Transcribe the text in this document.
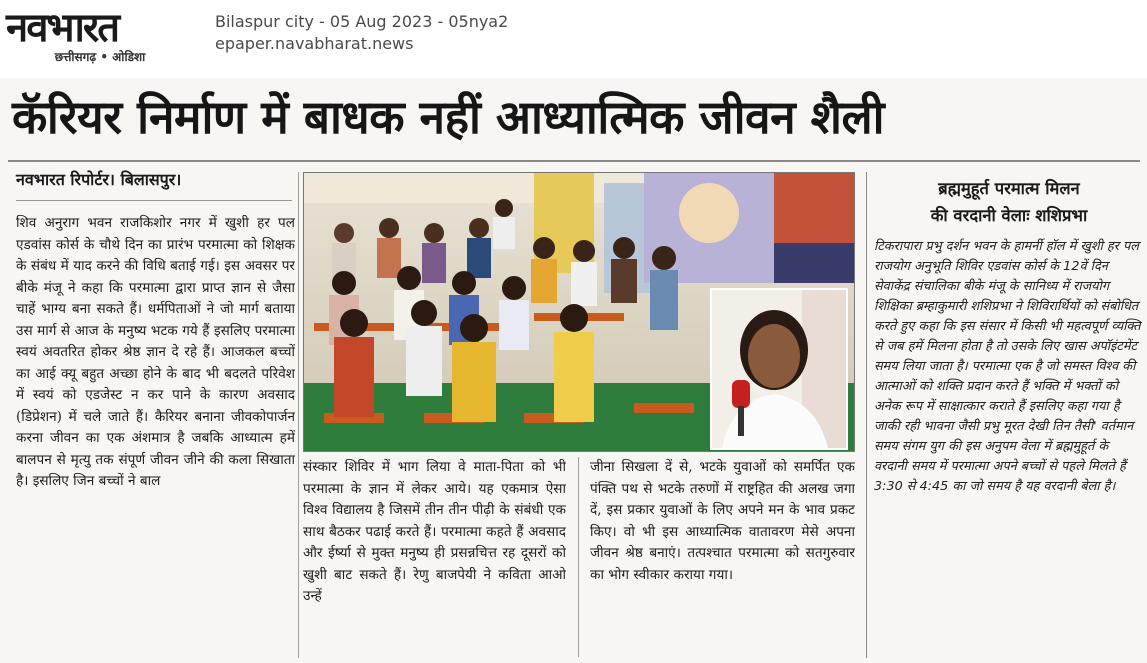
नवभारत
छत्तीसगढ़ • ओडिशा
Bilaspur city - 05 Aug 2023 - 05nya2
epaper.navabharat.news
कॅरियर निर्माण में बाधक नहीं आध्यात्मिक जीवन शैली
नवभारत रिपोर्टर। बिलासपुर।
शिव अनुराग भवन राजकिशोर नगर में खुशी हर पल एडवांस कोर्स के चौथे दिन का प्रारंभ परमात्मा को शिक्षक के संबंध में याद करने की विधि बताई गई। इस अवसर पर बीके मंजू ने कहा कि परमात्मा द्वारा प्राप्त ज्ञान से जैसा चाहें भाग्य बना सकते हैं। धर्मपिताओं ने जो मार्ग बताया उस मार्ग से आज के मनुष्य भटक गये हैं इसलिए परमात्मा स्वयं अवतरित होकर श्रेष्ठ ज्ञान दे रहे हैं। आजकल बच्चों का आई क्यू बहुत अच्छा होने के बाद भी बदलते परिवेश में स्वयं को एडजेस्ट न कर पाने के कारण अवसाद (डिप्रेशन) में चले जाते हैं। कैरियर बनाना जीवकोपार्जन करना जीवन का एक अंशमात्र है जबकि आध्यात्म हमें बालपन से मृत्यु तक संपूर्ण जीवन जीने की कला सिखाता है। इसलिए जिन बच्चों ने बाल
संस्कार शिविर में भाग लिया वे माता-पिता को भी परमात्मा के ज्ञान में लेकर आये। यह एकमात्र ऐसा विश्व विद्यालय है जिसमें तीन तीन पीढ़ी के संबंधी एक साथ बैठकर पढाई करते हैं। परमात्मा कहते हैं अवसाद और ईर्ष्या से मुक्त मनुष्य ही प्रसन्नचित्त रह दूसरों को खुशी बाट सकते हैं। रेणु बाजपेयी ने कविता आओ उन्हें
जीना सिखला दें से, भटके युवाओं को समर्पित एक पंक्ति पथ से भटके तरुणों में राष्ट्रहित की अलख जगा दें, इस प्रकार युवाओं के लिए अपने मन के भाव प्रकट किए। वो भी इस आध्यात्मिक वातावरण मेसे अपना जीवन श्रेष्ठ बनाएं। तत्पश्चात परमात्मा को सतगुरुवार का भोग स्वीकार कराया गया।
ब्रह्ममुहूर्त परमात्म मिलन
की वरदानी वेलाः शशिप्रभा
टिकरापारा प्रभु दर्शन भवन के हामर्नी हॉल में खुशी हर पल राजयोग अनुभूति शिविर एडवांस कोर्स के 12वें दिन सेवाकेंद्र संचालिका बीके मंजू के सानिध्य में राजयोग शिक्षिका ब्रम्हाकुमारी शशिप्रभा ने शिविरार्थियों को संबोधित करते हुए कहा कि इस संसार में किसी भी महत्वपूर्ण व्यक्ति से जब हमें मिलना होता है तो उसके लिए खास अपॉइंटमेंट समय लिया जाता है। परमात्मा एक है जो समस्त विश्व की आत्माओं को शक्ति प्रदान करते हैं भक्ति में भक्तों को अनेक रूप में साक्षात्कार कराते हैं इसलिए कहा गया है जाकी रही भावना जैसी प्रभु मूरत देखी तिन तैसी' वर्तमान समय संगम युग की इस अनुपम वेला में ब्रह्ममुहूर्त के वरदानी समय में परमात्मा अपने बच्चों से पहले मिलते हैं 3:30 से 4:45 का जो समय है यह वरदानी बेला है।
